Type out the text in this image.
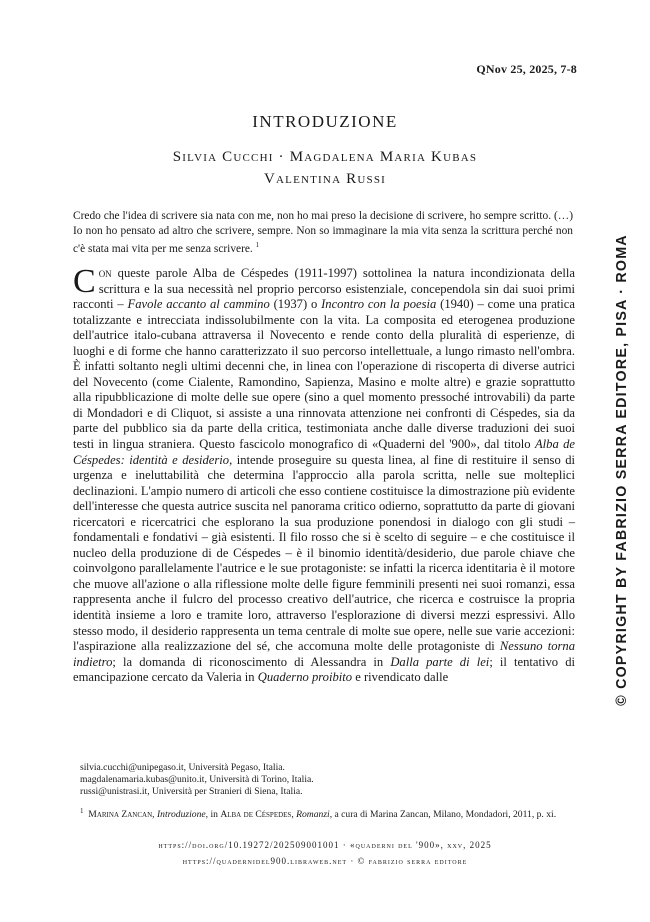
QNov 25, 2025, 7-8
INTRODUZIONE
Silvia Cucchi · Magdalena Maria Kubas
Valentina Russi
Credo che l'idea di scrivere sia nata con me, non ho mai preso la decisione di scrivere, ho sempre scritto. (…) Io non ho pensato ad altro che scrivere, sempre. Non so immaginare la mia vita senza la scrittura perché non c'è stata mai vita per me senza scrivere. $^1$
Con queste parole Alba de Céspedes (1911-1997) sottolinea la natura incondizionata della scrittura e la sua necessità nel proprio percorso esistenziale, concependola sin dai suoi primi racconti – Favole accanto al cammino (1937) o Incontro con la poesia (1940) – come una pratica totalizzante e intrecciata indissolubilmente con la vita. La composita ed eterogenea produzione dell'autrice italo-cubana attraversa il Novecento e rende conto della pluralità di esperienze, di luoghi e di forme che hanno caratterizzato il suo percorso intellettuale, a lungo rimasto nell'ombra. È infatti soltanto negli ultimi decenni che, in linea con l'operazione di riscoperta di diverse autrici del Novecento (come Cialente, Ramondino, Sapienza, Masino e molte altre) e grazie soprattutto alla ripubblicazione di molte delle sue opere (sino a quel momento pressoché introvabili) da parte di Mondadori e di Cliquot, si assiste a una rinnovata attenzione nei confronti di Céspedes, sia da parte del pubblico sia da parte della critica, testimoniata anche dalle diverse traduzioni dei suoi testi in lingua straniera. Questo fascicolo monografico di «Quaderni del '900», dal titolo Alba de Céspedes: identità e desiderio, intende proseguire su questa linea, al fine di restituire il senso di urgenza e ineluttabilità che determina l'approccio alla parola scritta, nelle sue molteplici declinazioni. L'ampio numero di articoli che esso contiene costituisce la dimostrazione più evidente dell'interesse che questa autrice suscita nel panorama critico odierno, soprattutto da parte di giovani ricercatori e ricercatrici che esplorano la sua produzione ponendosi in dialogo con gli studi – fondamentali e fondativi – già esistenti. Il filo rosso che si è scelto di seguire – e che costituisce il nucleo della produzione di de Céspedes – è il binomio identità/desiderio, due parole chiave che coinvolgono parallelamente l'autrice e le sue protagoniste: se infatti la ricerca identitaria è il motore che muove all'azione o alla riflessione molte delle figure femminili presenti nei suoi romanzi, essa rappresenta anche il fulcro del processo creativo dell'autrice, che ricerca e costruisce la propria identità insieme a loro e tramite loro, attraverso l'esplorazione di diversi mezzi espressivi. Allo stesso modo, il desiderio rappresenta un tema centrale di molte sue opere, nelle sue varie accezioni: l'aspirazione alla realizzazione del sé, che accomuna molte delle protagoniste di Nessuno torna indietro; la domanda di riconoscimento di Alessandra in Dalla parte di lei; il tentativo di emancipazione cercato da Valeria in Quaderno proibito e rivendicato dalle
silvia.cucchi@unipegaso.it, Università Pegaso, Italia.
magdalenamaria.kubas@unito.it, Università di Torino, Italia.
russi@unistrasi.it, Università per Stranieri di Siena, Italia.
$^1$ Marina Zancan, Introduzione, in Alba de Céspedes, Romanzi, a cura di Marina Zancan, Milano, Mondadori, 2011, p. xi.
https://doi.org/10.19272/202509001001 · «quaderni del '900», xxv, 2025
https://quadernidel900.libraweb.net · © fabrizio serra editore
© COPYRIGHT BY FABRIZIO SERRA EDITORE, PISA · ROMA
